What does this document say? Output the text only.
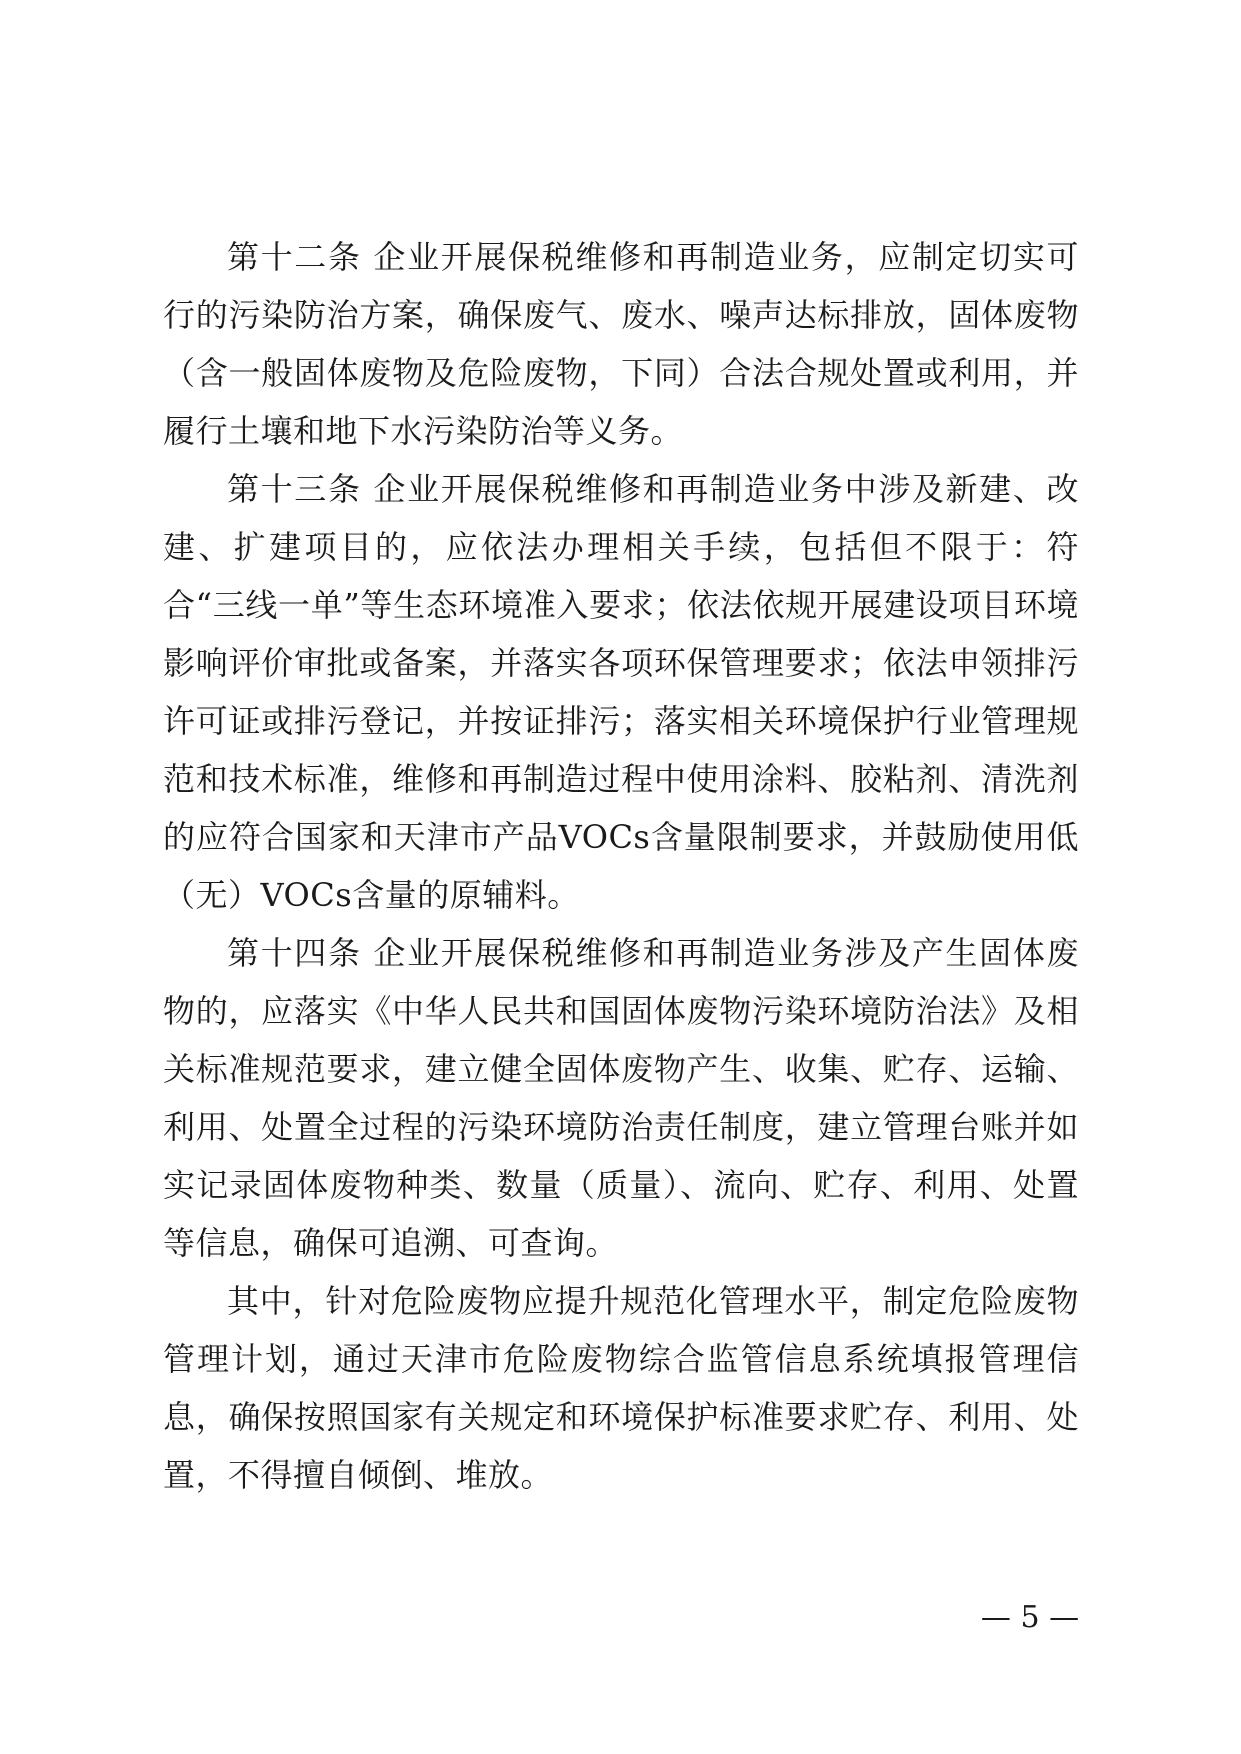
第十二条 企业开展保税维修和再制造业务，应制定切实可行的污染防治方案，确保废气、废水、噪声达标排放，固体废物（含一般固体废物及危险废物，下同）合法合规处置或利用，并履行土壤和地下水污染防治等义务。

第十三条 企业开展保税维修和再制造业务中涉及新建、改建、扩建项目的，应依法办理相关手续，包括但不限于：符合“三线一单”等生态环境准入要求；依法依规开展建设项目环境影响评价审批或备案，并落实各项环保管理要求；依法申领排污许可证或排污登记，并按证排污；落实相关环境保护行业管理规范和技术标准，维修和再制造过程中使用涂料、胶粘剂、清洗剂的应符合国家和天津市产品VOCs含量限制要求，并鼓励使用低（无）VOCs含量的原辅料。

第十四条 企业开展保税维修和再制造业务涉及产生固体废物的，应落实《中华人民共和国固体废物污染环境防治法》及相关标准规范要求，建立健全固体废物产生、收集、贮存、运输、利用、处置全过程的污染环境防治责任制度，建立管理台账并如实记录固体废物种类、数量（质量）、流向、贮存、利用、处置等信息，确保可追溯、可查询。

其中，针对危险废物应提升规范化管理水平，制定危险废物管理计划，通过天津市危险废物综合监管信息系统填报管理信息，确保按照国家有关规定和环境保护标准要求贮存、利用、处置，不得擅自倾倒、堆放。

— 5 —
